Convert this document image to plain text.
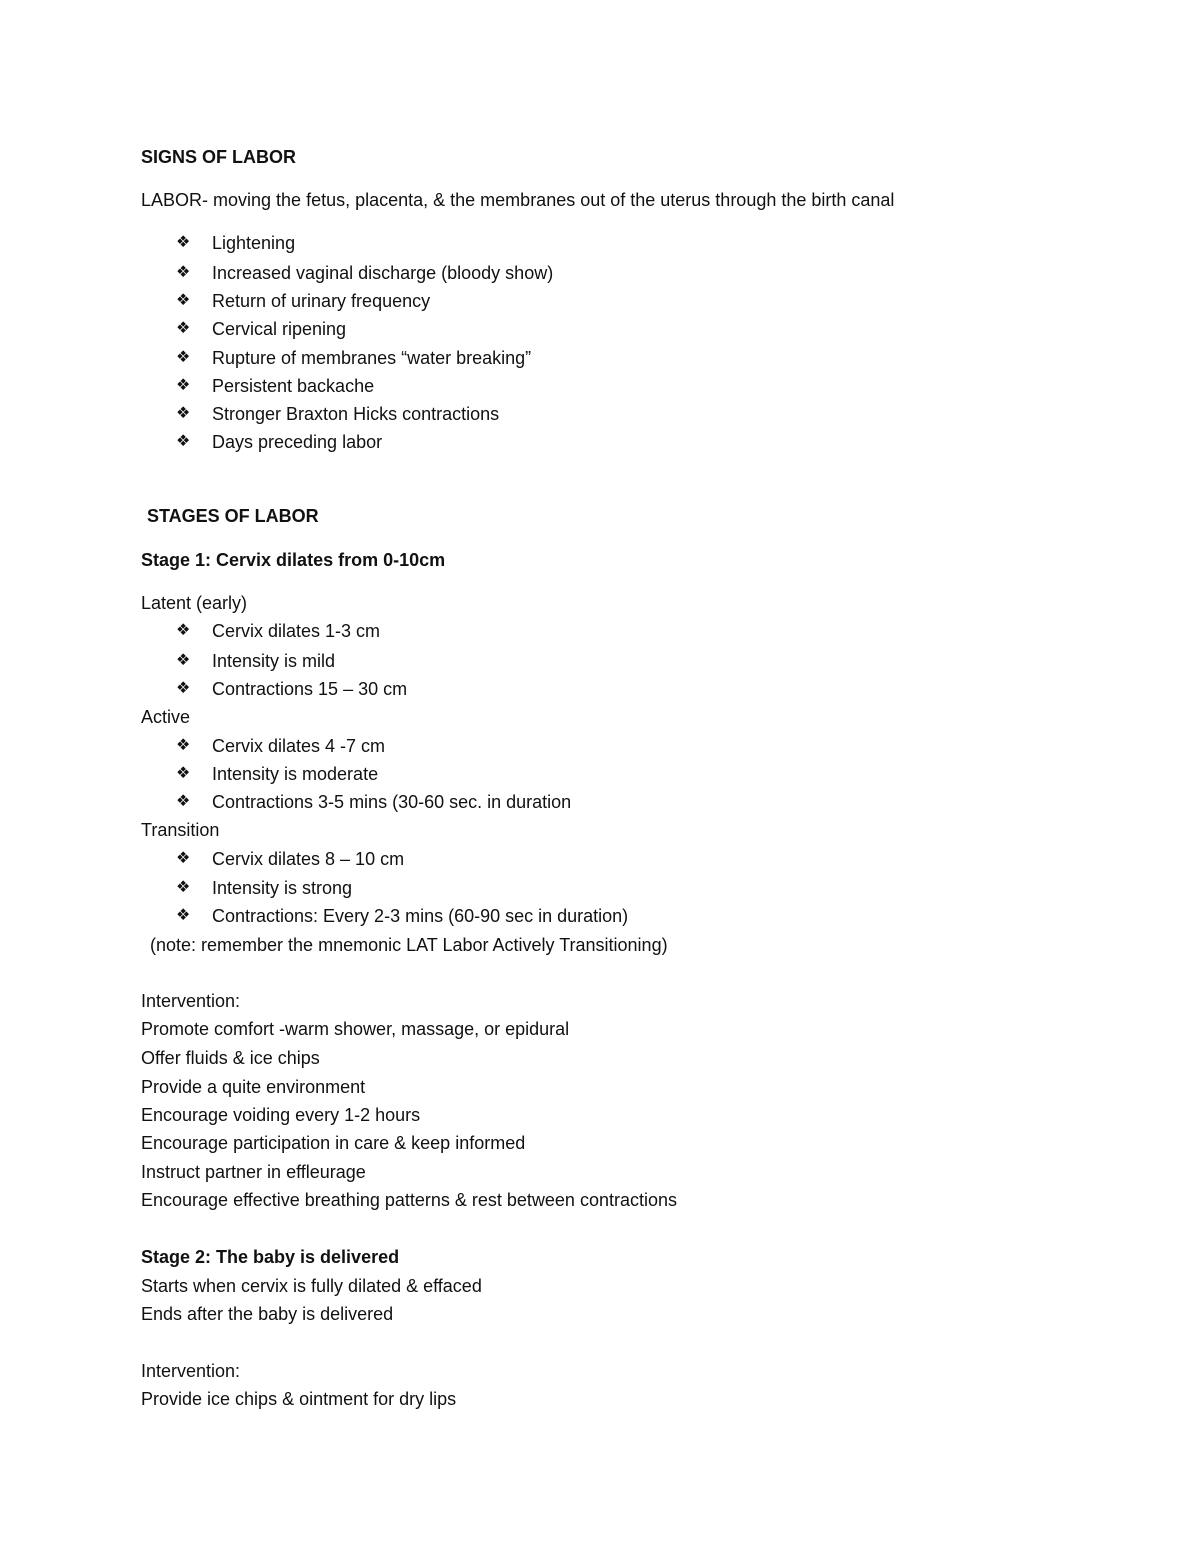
SIGNS OF LABOR
LABOR- moving the fetus, placenta, & the membranes out of the uterus through the birth canal
❖	Lightening
❖	Increased vaginal discharge (bloody show)
❖	Return of urinary frequency
❖	Cervical ripening
❖	Rupture of membranes “water breaking”
❖	Persistent backache
❖	Stronger Braxton Hicks contractions
❖	Days preceding labor
STAGES OF LABOR
Stage 1: Cervix dilates from 0-10cm
Latent (early)
❖	Cervix dilates 1-3 cm
❖	Intensity is mild
❖	Contractions 15 – 30 cm
Active
❖	Cervix dilates 4 -7 cm
❖	Intensity is moderate
❖	Contractions 3-5 mins (30-60 sec. in duration
Transition
❖	Cervix dilates 8 – 10 cm
❖	Intensity is strong
❖	Contractions: Every 2-3 mins (60-90 sec in duration)
(note: remember the mnemonic LAT Labor Actively Transitioning)
Intervention:
Promote comfort -warm shower, massage, or epidural
Offer fluids & ice chips
Provide a quite environment
Encourage voiding every 1-2 hours
Encourage participation in care & keep informed
Instruct partner in effleurage
Encourage effective breathing patterns & rest between contractions
Stage 2: The baby is delivered
Starts when cervix is fully dilated & effaced
Ends after the baby is delivered
Intervention:
Provide ice chips & ointment for dry lips
